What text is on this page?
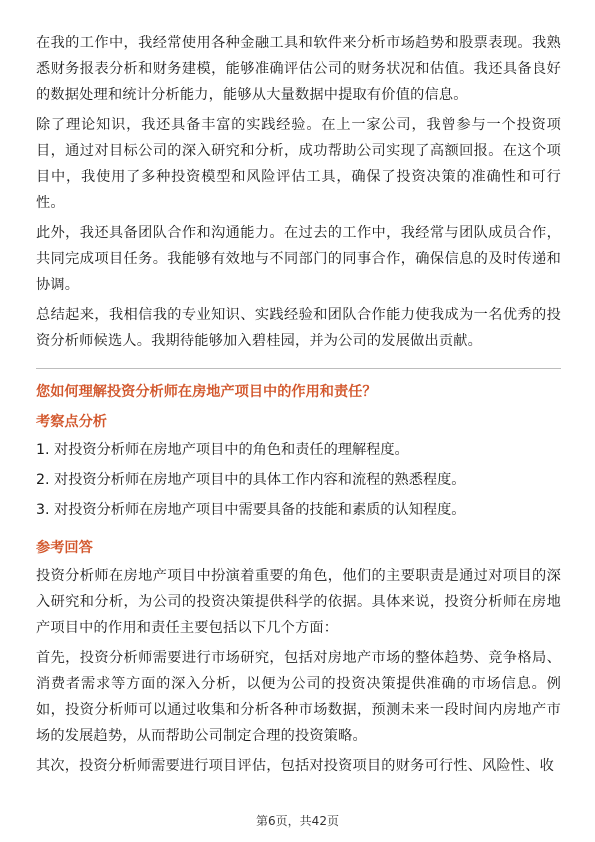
在我的工作中，我经常使用各种金融工具和软件来分析市场趋势和股票表现。我熟悉财务报表分析和财务建模，能够准确评估公司的财务状况和估值。我还具备良好的数据处理和统计分析能力，能够从大量数据中提取有价值的信息。

除了理论知识，我还具备丰富的实践经验。在上一家公司，我曾参与一个投资项目，通过对目标公司的深入研究和分析，成功帮助公司实现了高额回报。在这个项目中，我使用了多种投资模型和风险评估工具，确保了投资决策的准确性和可行性。

此外，我还具备团队合作和沟通能力。在过去的工作中，我经常与团队成员合作，共同完成项目任务。我能够有效地与不同部门的同事合作，确保信息的及时传递和协调。

总结起来，我相信我的专业知识、实践经验和团队合作能力使我成为一名优秀的投资分析师候选人。我期待能够加入碧桂园，并为公司的发展做出贡献。

您如何理解投资分析师在房地产项目中的作用和责任？

考察点分析

1. 对投资分析师在房地产项目中的角色和责任的理解程度。

2. 对投资分析师在房地产项目中的具体工作内容和流程的熟悉程度。

3. 对投资分析师在房地产项目中需要具备的技能和素质的认知程度。

参考回答

投资分析师在房地产项目中扮演着重要的角色，他们的主要职责是通过对项目的深入研究和分析，为公司的投资决策提供科学的依据。具体来说，投资分析师在房地产项目中的作用和责任主要包括以下几个方面：

首先，投资分析师需要进行市场研究，包括对房地产市场的整体趋势、竞争格局、消费者需求等方面的深入分析，以便为公司的投资决策提供准确的市场信息。例如，投资分析师可以通过收集和分析各种市场数据，预测未来一段时间内房地产市场的发展趋势，从而帮助公司制定合理的投资策略。

其次，投资分析师需要进行项目评估，包括对投资项目的财务可行性、风险性、收

第6页，共42页
